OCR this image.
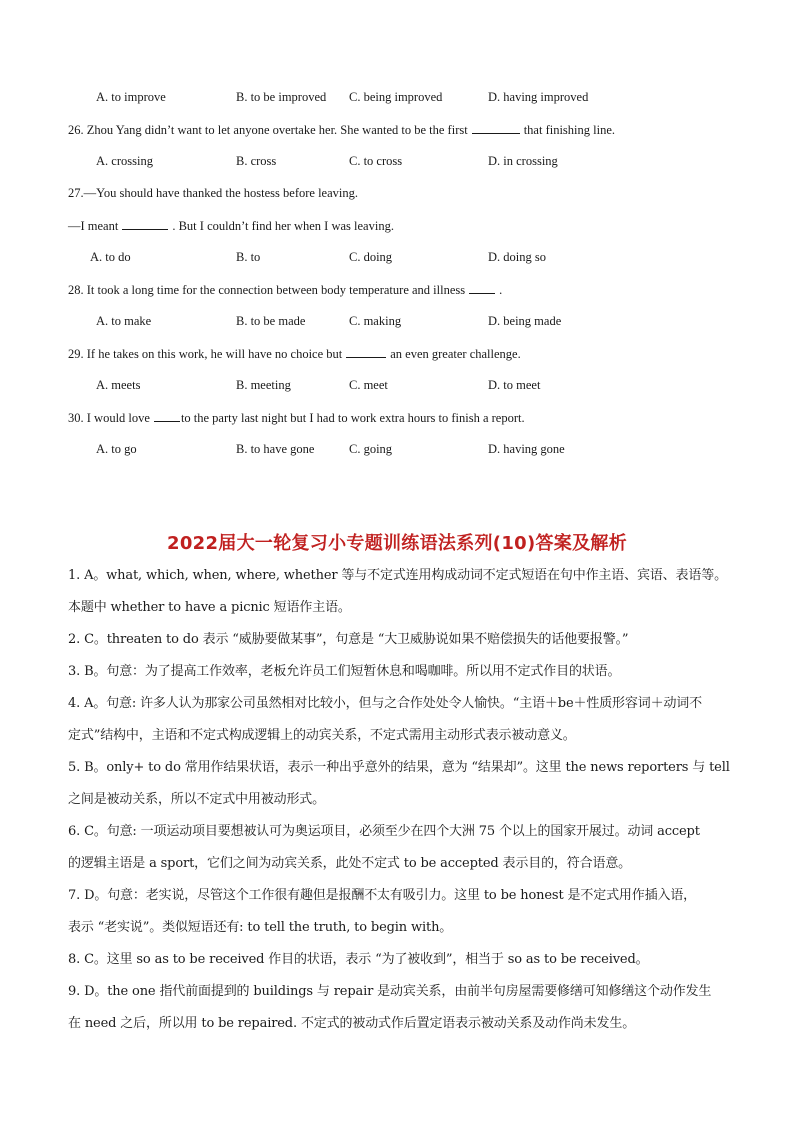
A. to improve	B. to be improved C. being improved	D. having improved
26. Zhou Yang didn’t want to let anyone overtake her. She wanted to be the first	that finishing line.
A. crossing	B. cross	C. to cross	D. in crossing
27.—You should have thanked the hostess before leaving.
—I meant	. But I couldn’t find her when I was leaving.
A. to do	B. to	C. doing	D. doing so
28. It took a long time for the connection between body temperature and illness	.
A. to make	B. to be made	C. making	D. being made
29. If he takes on this work, he will have no choice but	an even greater challenge.
A. meets	B. meeting	C. meet	D. to meet
30. I would love to the party last night but I had to work extra hours to finish a report.
A. to go	B. to have gone	C. going	D. having gone
2022届大一轮复习小专题训练语法系列(10)答案及解析

1. A。what, which, when, where, whether 等与不定式连用构成动词不定式短语在句中作主语、宾语、表语等。

本题中 whether to have a picnic 短语作主语。

2. C。threaten to do 表示 “威胁要做某事”，句意是 “大卫威胁说如果不赔偿损失的话他要报警。”

3. B。句意：为了提高工作效率，老板允许员工们短暂休息和喝咖啡。所以用不定式作目的状语。

4. A。句意: 许多人认为那家公司虽然相对比较小，但与之合作处处令人愉快。“主语＋be＋性质形容词＋动词不

定式”结构中，主语和不定式构成逻辑上的动宾关系，不定式需用主动形式表示被动意义。

5. B。only+ to do 常用作结果状语，表示一种出乎意外的结果，意为 “结果却”。这里 the news reporters 与 tell

之间是被动关系，所以不定式中用被动形式。

6. C。句意: 一项运动项目要想被认可为奥运项目，必须至少在四个大洲 75 个以上的国家开展过。动词 accept

的逻辑主语是 a sport，它们之间为动宾关系，此处不定式 to be accepted 表示目的，符合语意。

7. D。句意：老实说，尽管这个工作很有趣但是报酬不太有吸引力。这里 to be honest 是不定式用作插入语，

表示 “老实说”。类似短语还有: to tell the truth, to begin with。

8. C。这里 so as to be received 作目的状语，表示 “为了被收到”，相当于 so as to be received。

9. D。the one 指代前面提到的 buildings 与 repair 是动宾关系，由前半句房屋需要修缮可知修缮这个动作发生

在 need 之后，所以用 to be repaired. 不定式的被动式作后置定语表示被动关系及动作尚未发生。
